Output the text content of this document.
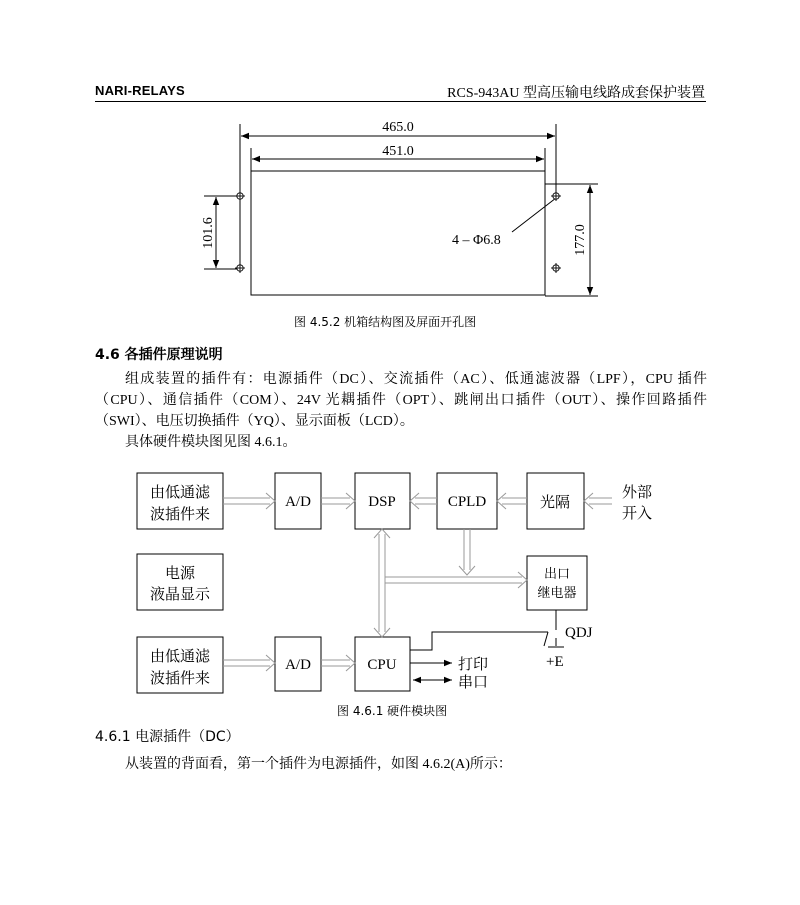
NARI-RELAYS	RCS-943AU 型高压输电线路成套保护装置
465.0
451.0
101.6	177.0
4 – Φ6.8
图 4.5.2 机箱结构图及屏面开孔图
4.6 各插件原理说明
组成装置的插件有：电源插件（DC）、交流插件（AC）、低通滤波器（LPF），CPU 插件（CPU）、通信插件（COM）、24V 光耦插件（OPT）、跳闸出口插件（OUT）、操作回路插件（SWI）、电压切换插件（YQ）、显示面板（LCD）。
具体硬件模块图见图 4.6.1。
由低通滤
波插件来
A/D	DSP	CPLD	光隔
外部
开入
电源
液晶显示
出口
继电器
由低通滤
波插件来
A/D	CPU
QDJ
+E
打印
串口
图 4.6.1 硬件模块图
4.6.1 电源插件（DC）
从装置的背面看，第一个插件为电源插件，如图 4.6.2(A)所示：
